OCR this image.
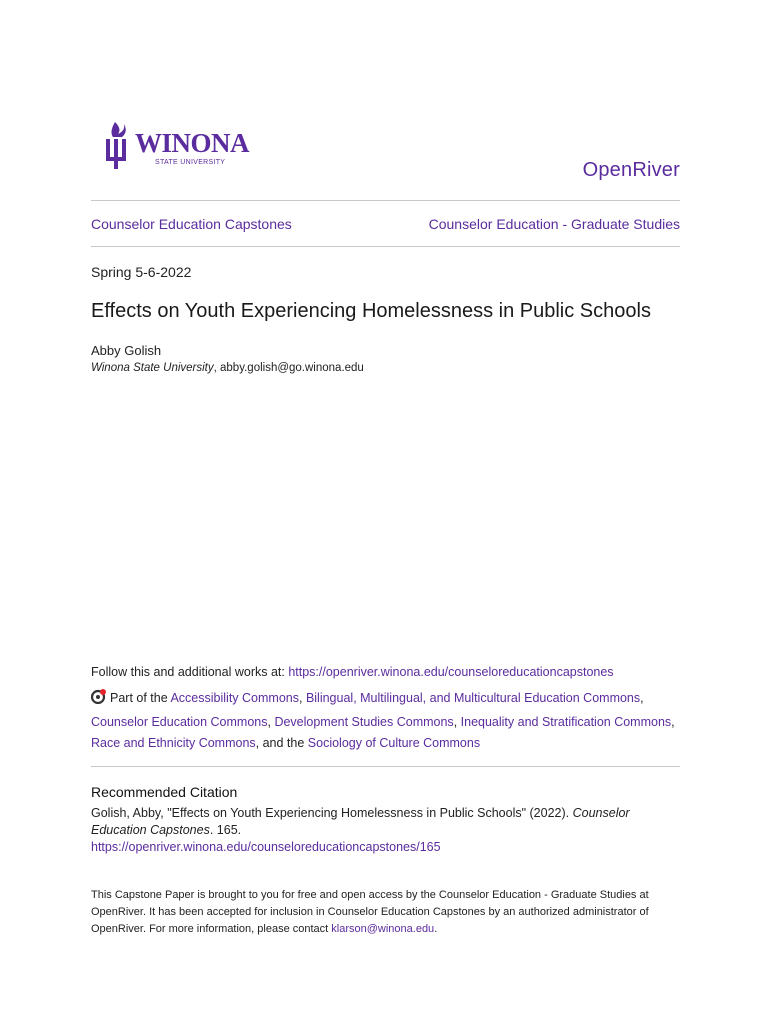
WINONA
STATE UNIVERSITY	OpenRiver
Counselor Education Capstones	Counselor Education - Graduate Studies
Spring 5-6-2022
Effects on Youth Experiencing Homelessness in Public Schools
Abby Golish
Winona State University, abby.golish@go.winona.edu
Follow this and additional works at: https://openriver.winona.edu/counseloreducationcapstones
Part of the Accessibility Commons, Bilingual, Multilingual, and Multicultural Education Commons,
Counselor Education Commons, Development Studies Commons, Inequality and Stratification Commons,
Race and Ethnicity Commons, and the Sociology of Culture Commons
Recommended Citation
Golish, Abby, "Effects on Youth Experiencing Homelessness in Public Schools" (2022). Counselor Education Capstones. 165.
https://openriver.winona.edu/counseloreducationcapstones/165
This Capstone Paper is brought to you for free and open access by the Counselor Education - Graduate Studies at OpenRiver. It has been accepted for inclusion in Counselor Education Capstones by an authorized administrator of OpenRiver. For more information, please contact klarson@winona.edu.
